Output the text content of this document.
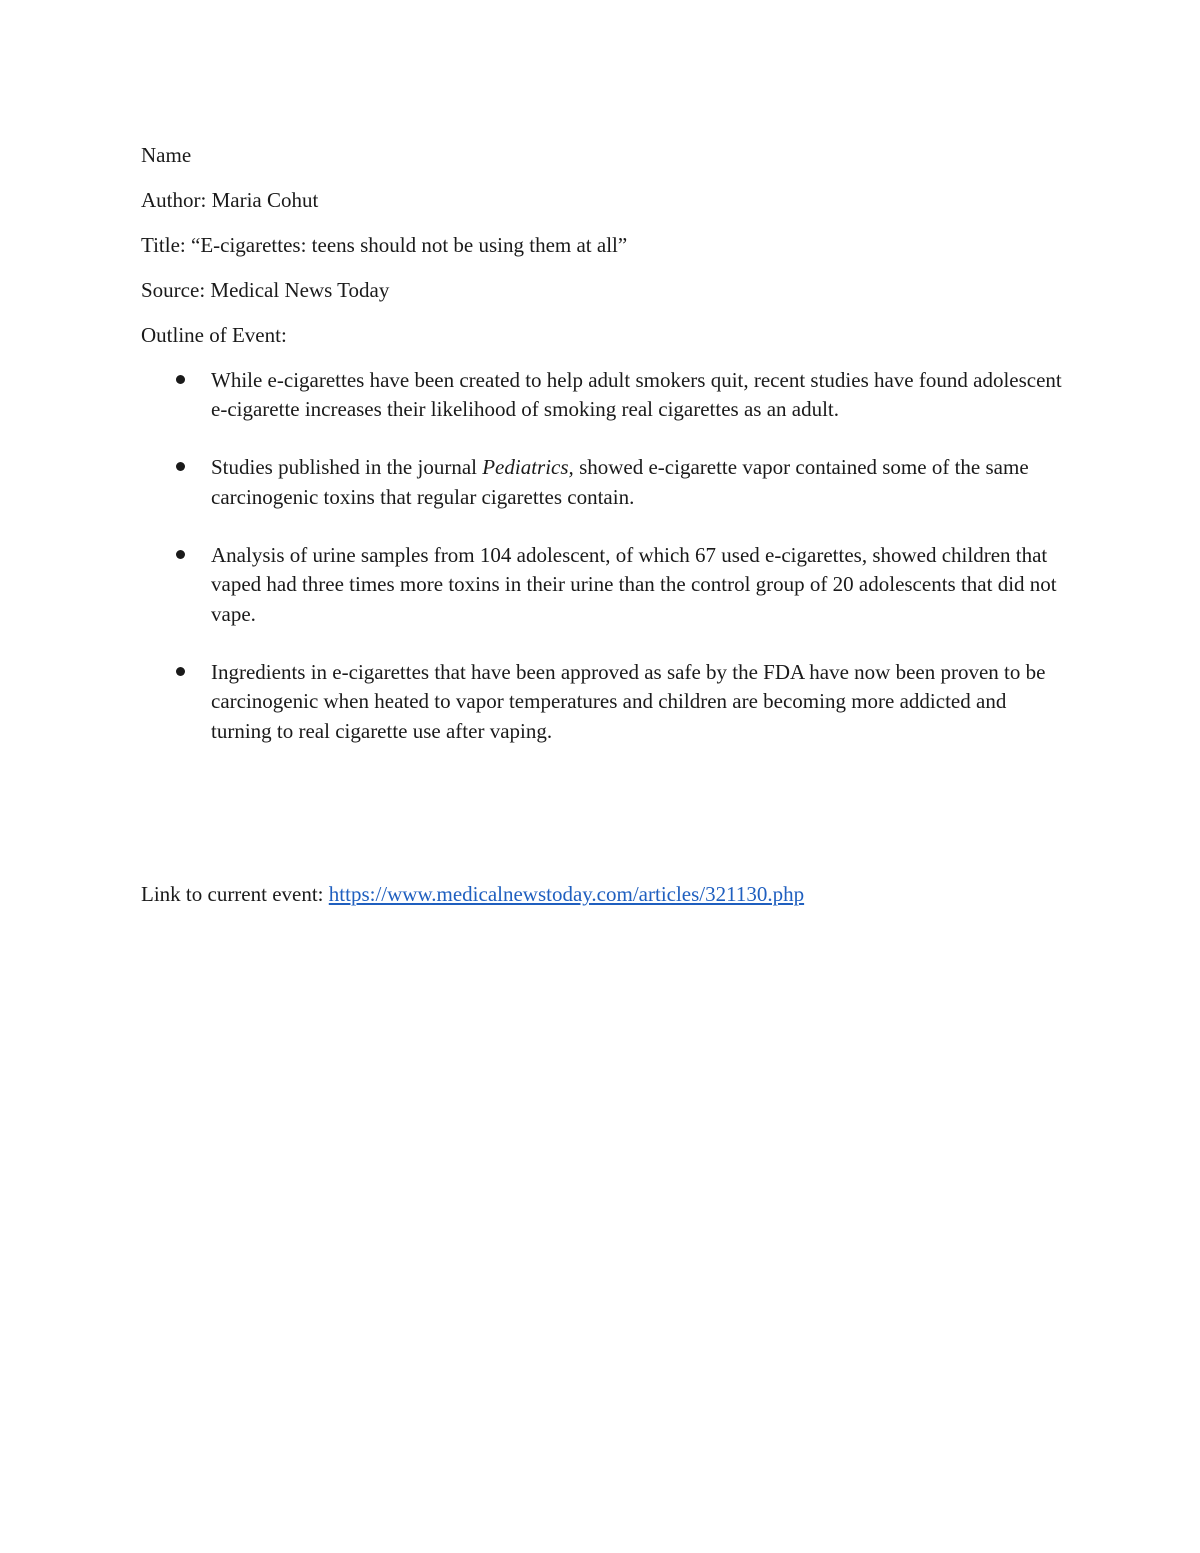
Name

Author: Maria Cohut

Title: “E-cigarettes: teens should not be using them at all”

Source: Medical News Today

Outline of Event:

While e-cigarettes have been created to help adult smokers quit, recent studies have found adolescent e-cigarette increases their likelihood of smoking real cigarettes as an adult.
Studies published in the journal Pediatrics, showed e-cigarette vapor contained some of the same carcinogenic toxins that regular cigarettes contain.
Analysis of urine samples from 104 adolescent, of which 67 used e-cigarettes, showed children that vaped had three times more toxins in their urine than the control group of 20 adolescents that did not vape.
Ingredients in e-cigarettes that have been approved as safe by the FDA have now been proven to be carcinogenic when heated to vapor temperatures and children are becoming more addicted and turning to real cigarette use after vaping.

Link to current event: https://www.medicalnewstoday.com/articles/321130.php
